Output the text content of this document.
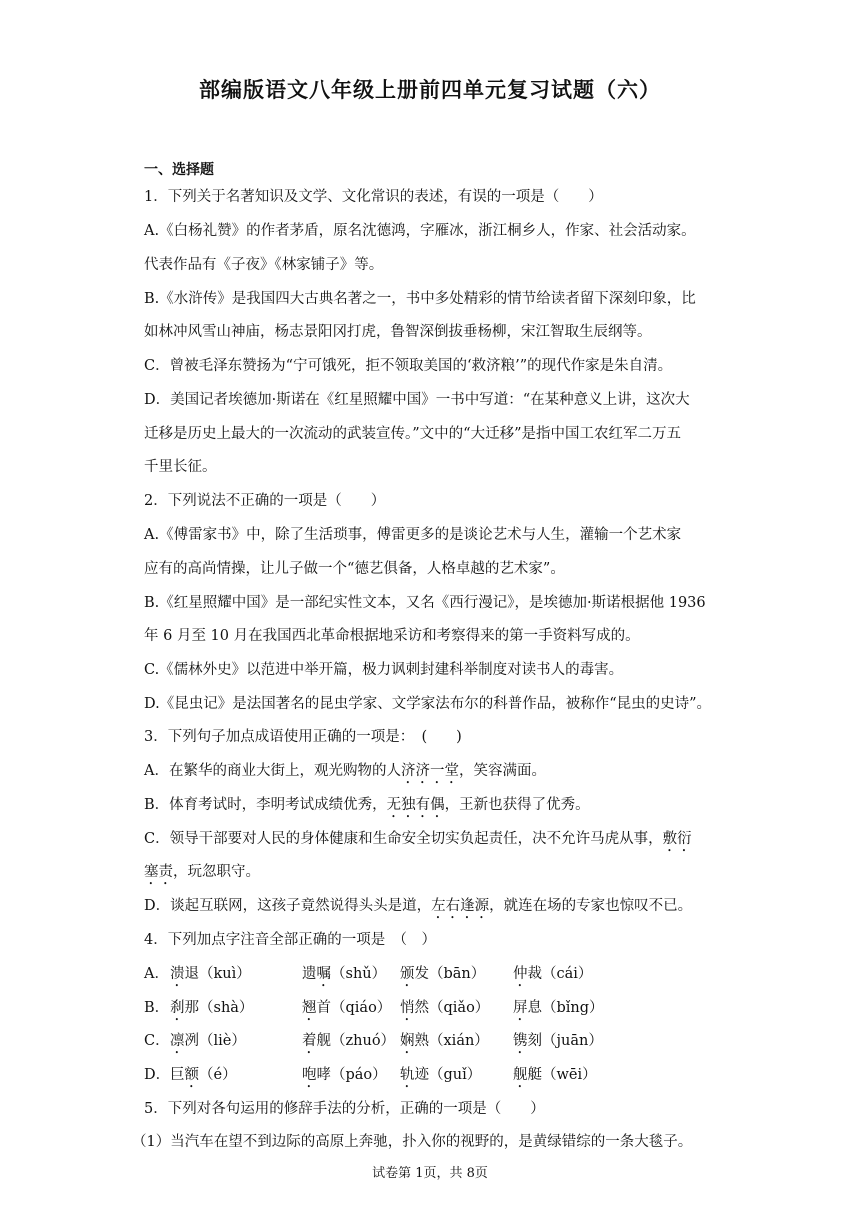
部编版语文八年级上册前四单元复习试题（六）
一、选择题
1．下列关于名著知识及文学、文化常识的表述，有误的一项是（　　）
A.《白杨礼赞》的作者茅盾，原名沈德鸿，字雁冰，浙江桐乡人，作家、社会活动家。
代表作品有《子夜》《林家铺子》等。
B.《水浒传》是我国四大古典名著之一，书中多处精彩的情节给读者留下深刻印象，比
如林冲风雪山神庙，杨志景阳冈打虎，鲁智深倒拔垂杨柳，宋江智取生辰纲等。
C．曾被毛泽东赞扬为“宁可饿死，拒不领取美国的‘救济粮’”的现代作家是朱自清。
D．美国记者埃德加·斯诺在《红星照耀中国》一书中写道：“在某种意义上讲，这次大
迁移是历史上最大的一次流动的武装宣传。”文中的“大迁移”是指中国工农红军二万五
千里长征。
2．下列说法不正确的一项是（　　）
A.《傅雷家书》中，除了生活琐事，傅雷更多的是谈论艺术与人生，灌输一个艺术家
应有的高尚情操，让儿子做一个“德艺俱备，人格卓越的艺术家”。
B.《红星照耀中国》是一部纪实性文本，又名《西行漫记》，是埃德加·斯诺根据他 1936
年 6 月至 10 月在我国西北革命根据地采访和考察得来的第一手资料写成的。
C.《儒林外史》以范进中举开篇，极力讽刺封建科举制度对读书人的毒害。
D.《昆虫记》是法国著名的昆虫学家、文学家法布尔的科普作品，被称作“昆虫的史诗”。
3．下列句子加点成语使用正确的一项是：　(　　)
A．在繁华的商业大街上，观光购物的人济济一堂，笑容满面。
B．体育考试时，李明考试成绩优秀，无独有偶，王新也获得了优秀。
C．领导干部要对人民的身体健康和生命安全切实负起责任，决不允许马虎从事，敷衍
塞责，玩忽职守。
D．谈起互联网，这孩子竟然说得头头是道，左右逢源，就连在场的专家也惊叹不已。
4．下列加点字注音全部正确的一项是　（　）
A． 溃退（kuì）	遗嘱（shǔ） 颁发（bān） 仲裁（cái）
B． 刹那（shà）	翘首（qiáo） 悄然（qiǎo） 屏息（bǐng）
C． 凛冽（liè）	着舰（zhuó） 娴熟（xián） 镌刻（juān）
D． 巨额（é）	咆哮（páo） 轨迹（guǐ） 舰艇（wēi）
5．下列对各句运用的修辞手法的分析，正确的一项是（　　）
（1）当汽车在望不到边际的高原上奔驰，扑入你的视野的，是黄绿错综的一条大毯子。
试卷第 1页，共 8页
